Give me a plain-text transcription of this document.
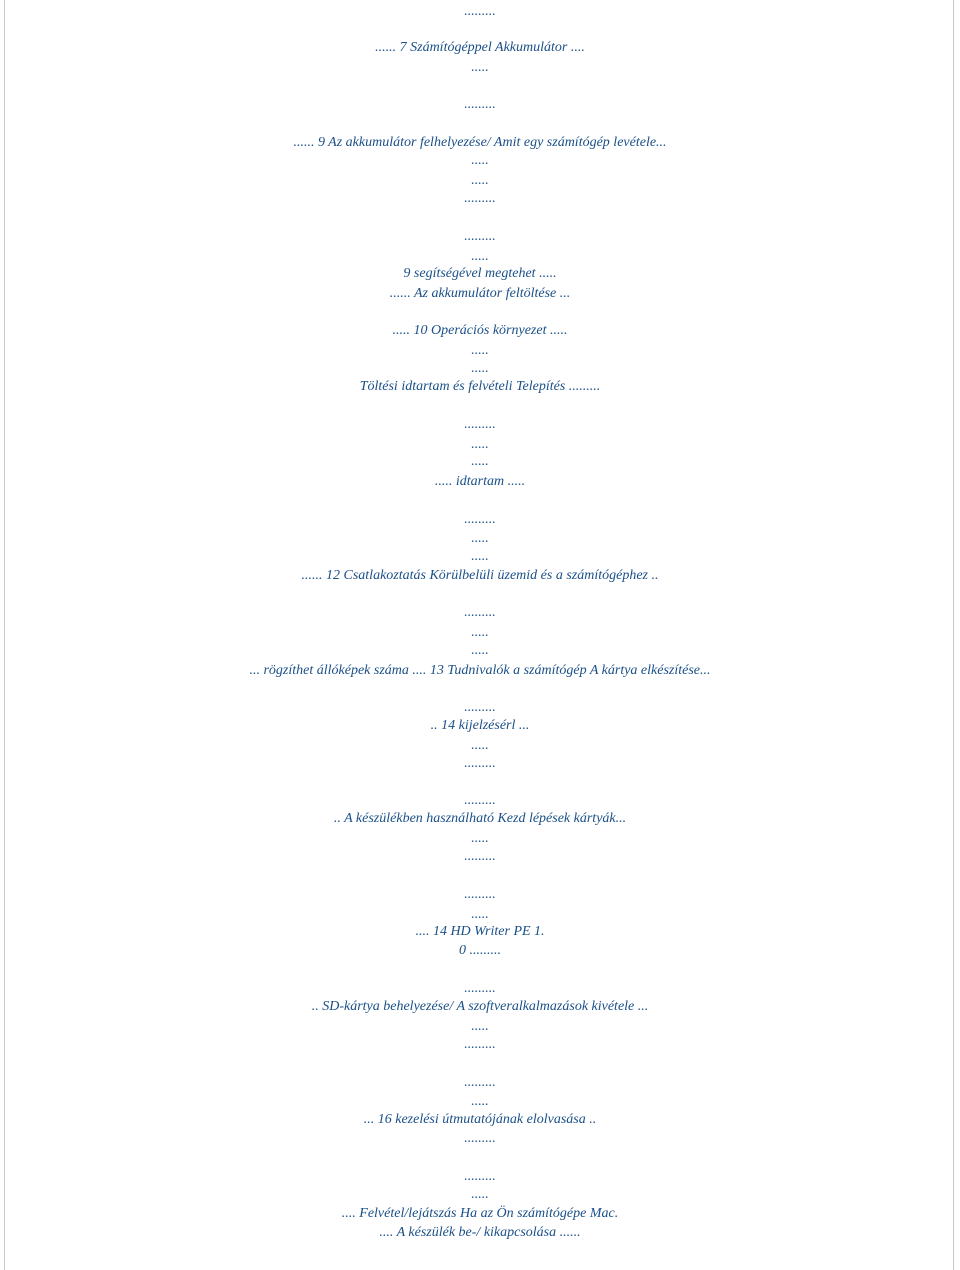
.........
...... 7 Számítógéppel Akkumulátor ....
.....
.........
...... 9 Az akkumulátor felhelyezése/ Amit egy számítógép levétele...
.....
.....
.........
.........
.....
9 segítségével megtehet .....
...... Az akkumulátor feltöltése ...
..... 10 Operációs környezet .....
.....
.....
Töltési idtartam és felvételi Telepítés .........
.........
.....
.....
..... idtartam .....
.........
.....
.....
...... 12 Csatlakoztatás Körülbelüli üzemid és a számítógéphez ..
.........
.....
.....
... rögzíthet állóképek száma .... 13 Tudnivalók a számítógép A kártya elkészítése...
.........
.. 14 kijelzésérl ...
.....
.........
.........
.. A készülékben használható Kezd lépések kártyák...
.....
.........
.........
.....
.... 14 HD Writer PE 1.
0 .........
.........
.. SD-kártya behelyezése/ A szoftveralkalmazások kivétele ...
.....
.........
.........
.....
... 16 kezelési útmutatójának elolvasása ..
.........
.........
.....
.... Felvétel/lejátszás Ha az Ön számítógépe Mac.
.... A készülék be-/ kikapcsolása ......
